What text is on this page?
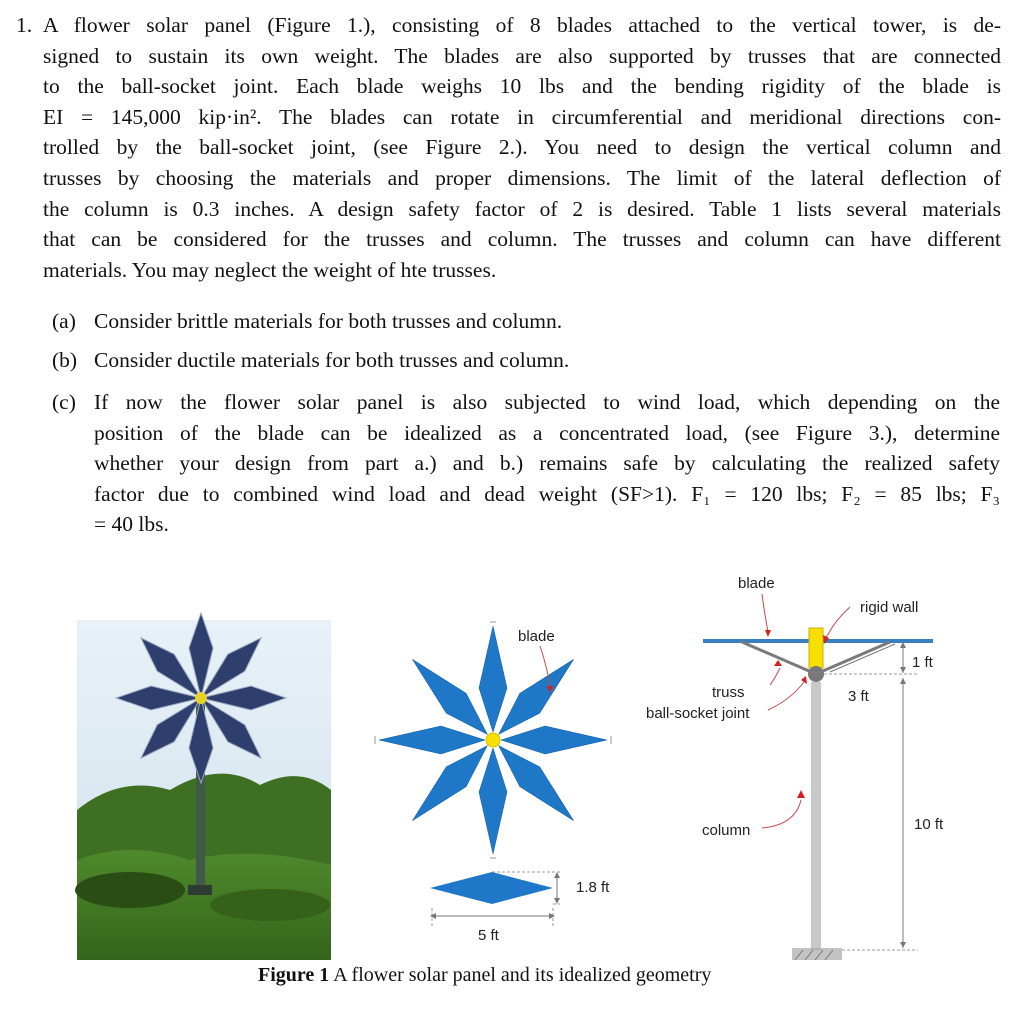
1. A flower solar panel (Figure 1.), consisting of 8 blades attached to the vertical tower, is de-
signed to sustain its own weight. The blades are also supported by trusses that are connected
to the ball-socket joint. Each blade weighs 10 lbs and the bending rigidity of the blade is
EI = 145,000 kip·in². The blades can rotate in circumferential and meridional directions con-
trolled by the ball-socket joint, (see Figure 2.). You need to design the vertical column and
trusses by choosing the materials and proper dimensions. The limit of the lateral deflection of
the column is 0.3 inches. A design safety factor of 2 is desired. Table 1 lists several materials
that can be considered for the trusses and column. The trusses and column can have different
materials. You may neglect the weight of hte trusses.
(a) Consider brittle materials for both trusses and column.
(b) Consider ductile materials for both trusses and column.
(c) If now the flower solar panel is also subjected to wind load, which depending on the
position of the blade can be idealized as a concentrated load, (see Figure 3.), determine
whether your design from part a.) and b.) remains safe by calculating the realized safety
factor due to combined wind load and dead weight (SF>1). F₁ = 120 lbs; F₂ = 85 lbs; F₃
= 40 lbs.
blade
1.8 ft
5 ft
blade
rigid wall
1 ft
truss
ball-socket joint
3 ft
column	10 ft
Figure 1 A flower solar panel and its idealized geometry
